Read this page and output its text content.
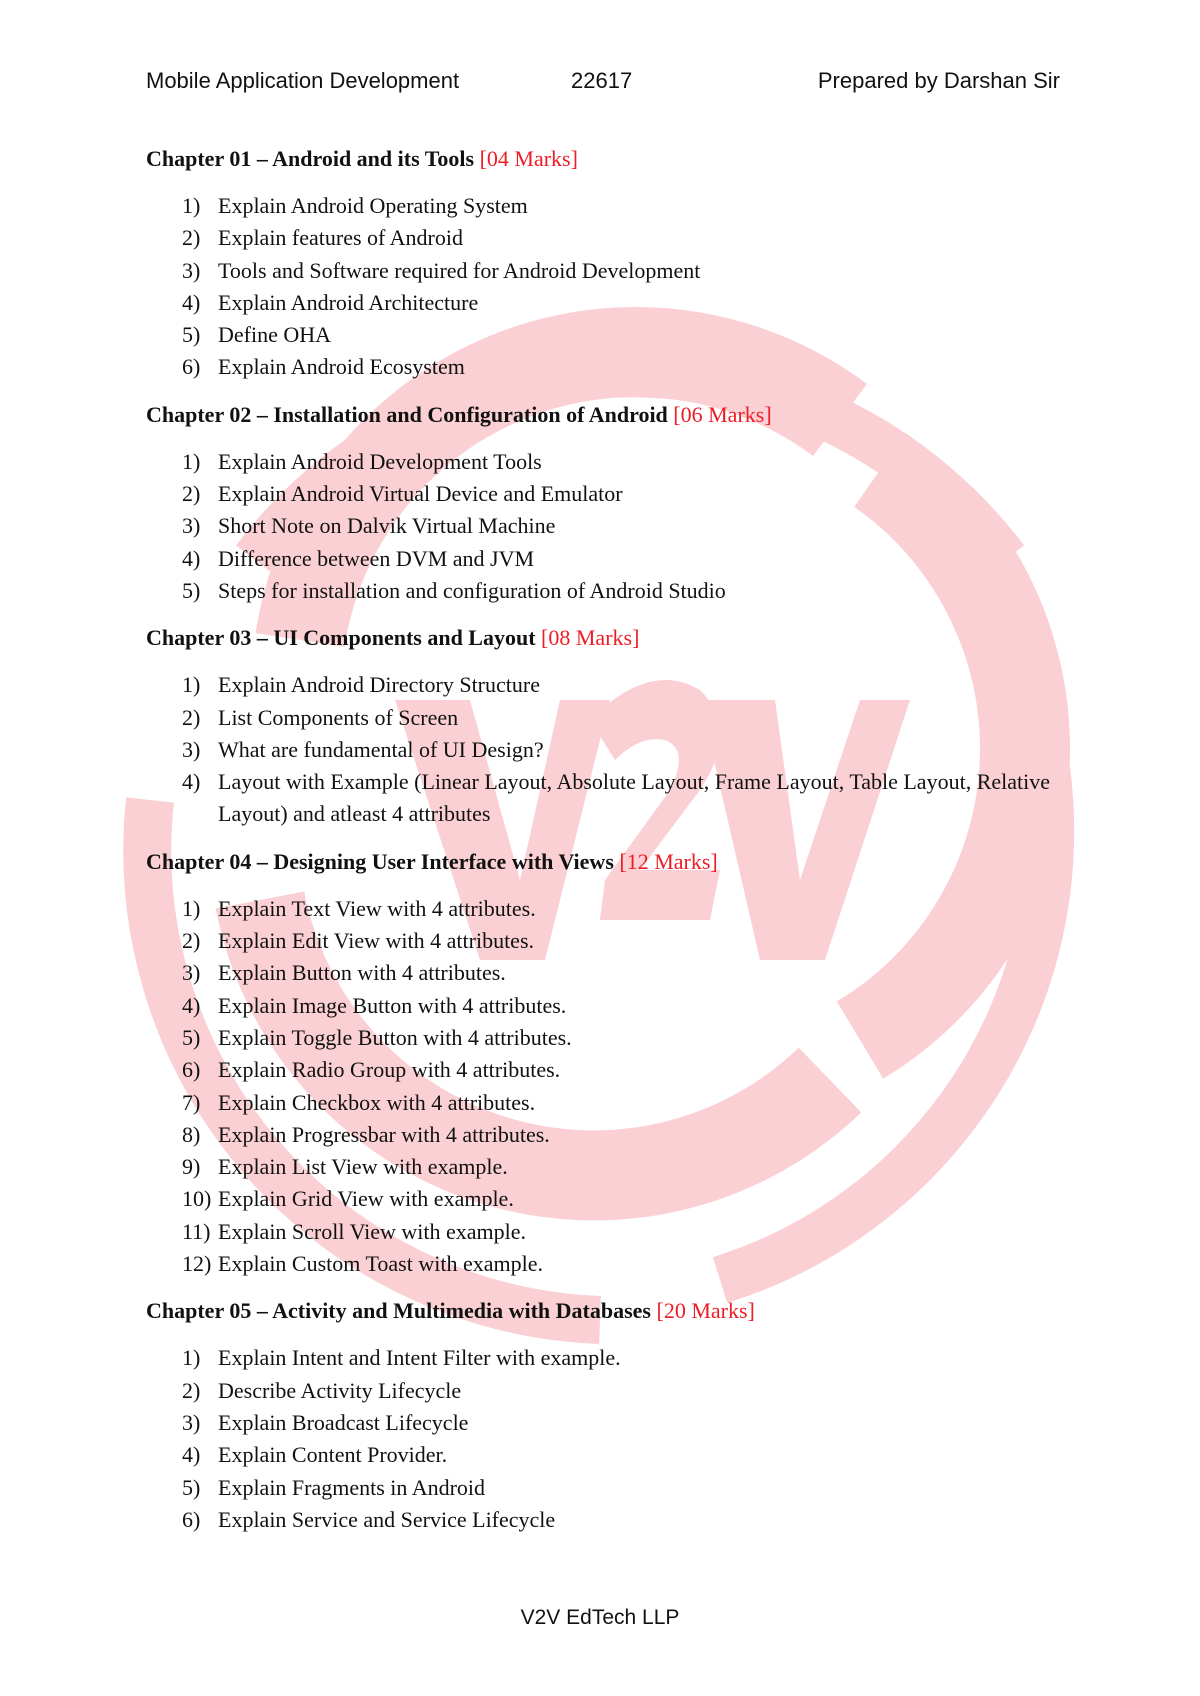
Mobile Application Development	22617	Prepared by Darshan Sir
Chapter 01 – Android and its Tools [04 Marks]
1) Explain Android Operating System
2) Explain features of Android
3) Tools and Software required for Android Development
4) Explain Android Architecture
5) Define OHA
6) Explain Android Ecosystem
Chapter 02 – Installation and Configuration of Android [06 Marks]
1) Explain Android Development Tools
2) Explain Android Virtual Device and Emulator
3) Short Note on Dalvik Virtual Machine
4) Difference between DVM and JVM
5) Steps for installation and configuration of Android Studio
Chapter 03 – UI Components and Layout [08 Marks]
1) Explain Android Directory Structure
2) List Components of Screen
3) What are fundamental of UI Design?
4) Layout with Example (Linear Layout, Absolute Layout, Frame Layout, Table Layout, Relative Layout) and atleast 4 attributes
Chapter 04 – Designing User Interface with Views [12 Marks]
1) Explain Text View with 4 attributes.
2) Explain Edit View with 4 attributes.
3) Explain Button with 4 attributes.
4) Explain Image Button with 4 attributes.
5) Explain Toggle Button with 4 attributes.
6) Explain Radio Group with 4 attributes.
7) Explain Checkbox with 4 attributes.
8) Explain Progressbar with 4 attributes.
9) Explain List View with example.
10) Explain Grid View with example.
11) Explain Scroll View with example.
12) Explain Custom Toast with example.
Chapter 05 – Activity and Multimedia with Databases [20 Marks]
1) Explain Intent and Intent Filter with example.
2) Describe Activity Lifecycle
3) Explain Broadcast Lifecycle
4) Explain Content Provider.
5) Explain Fragments in Android
6) Explain Service and Service Lifecycle
V2V EdTech LLP
